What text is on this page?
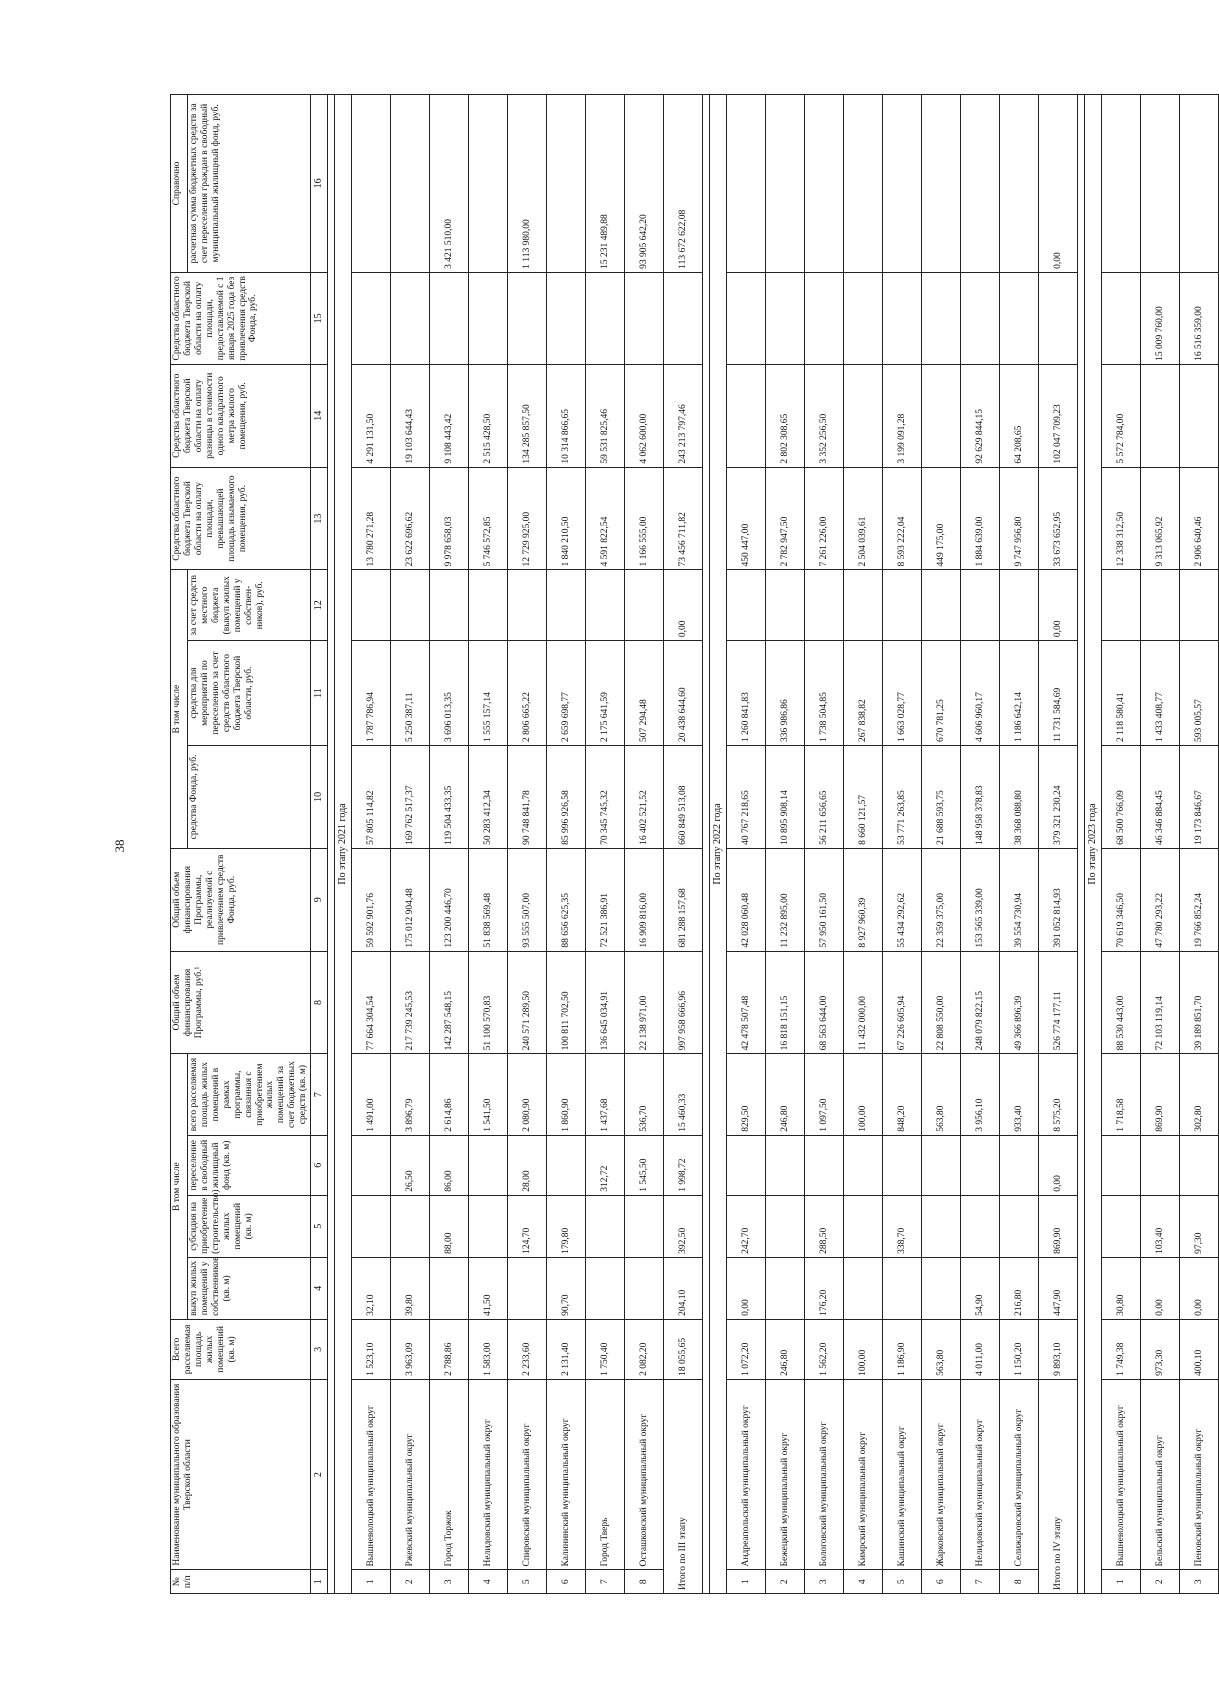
38
№ п/п	Наименование муниципального образования Тверской области	Всего расселяемая площадь жилых помещений (кв. м)	В том числе				Общий объем финансирования Программы, руб.¹	Общий объем финансирования Программы, реализуемой с привлечением средств Фонда, руб.	В том числе			Средства областного бюджета Тверской области на оплату площади, превышающей площадь изымаемого помещения, руб.	Средства областного бюджета Тверской области на оплату разницы в стоимости одного квадратного метра жилого помещения, руб.	Средства областного бюджета Тверской области на оплату площади, предоставляемой с 1 января 2025 года без привлечения средств Фонда, руб.	Справочно
			выкуп жилых помещений у собственников (кв. м)	субсидия на приобретение (строительство) жилых помещений (кв. м)	переселение в свободный жилищный фонд (кв. м)	всего расселяемая площадь жилых помещений в рамках программы, связанная с приобретением жилых помещений за счет бюджетных средств (кв. м)			средства Фонда, руб.	средства для мероприятий по переселению за счет средств областного бюджета Тверской области, руб.	за счет средств местного бюджета (выкуп жилых помещений у собствен-ников), руб.				расчетная сумма бюджетных средств за счет переселения граждан в свободный муниципальный жилищный фонд, руб.
1	2	3	4	5	6	7	8	9	10	11	12	13	14	15	16

По этапу 2021 года															
1	Вышневолоцкий муниципальный округ	1 523,10	32,10			1 491,00	77 664 304,54	59 592 901,76	57 805 114,82	1 787 786,94		13 780 271,28	4 291 131,50		
2	Ржевский муниципальный округ	3 963,09	39,80		26,50	3 896,79	217 739 245,53	175 012 904,48	169 762 517,37	5 250 387,11		23 622 696,62	19 103 644,43		
3	Город Торжок	2 788,86		88,00	86,00	2 614,86	142 287 548,15	123 200 446,70	119 504 433,35	3 696 013,35		9 978 658,03	9 108 443,42		3 421 510,00
4	Нелидовский муниципальный округ	1 583,00	41,50			1 541,50	51 100 570,83	51 838 569,48	50 283 412,34	1 555 157,14		5 746 572,85	2 515 428,50		
5	Спировский муниципальный округ	2 233,60		124,70	28,00	2 080,90	240 571 289,50	93 555 507,00	90 748 841,78	2 806 665,22		12 729 925,00	134 285 857,50		1 113 980,00
6	Калининский муниципальный округ	2 131,40	90,70	179,80		1 860,90	100 811 702,50	88 656 625,35	85 996 926,58	2 659 698,77		1 840 210,50	10 314 866,65		
7	Город Тверь	1 750,40			312,72	1 437,68	136 645 034,91	72 521 386,91	70 345 745,32	2 175 641,59		4 591 822,54	59 531 825,46		15 231 489,88
8	Осташковский муниципальный округ	2 082,20			1 545,50	536,70	22 138 971,00	16 909 816,00	16 402 521,52	507 294,48		1 166 555,00	4 062 600,00		93 905 642,20
Итого по III этапу		18 055,65	204,10	392,50	1 998,72	15 460,33	997 958 666,96	681 288 157,68	660 849 513,08	20 438 644,60	0,00	73 456 711,82	243 213 797,46		113 672 622,08

По этапу 2022 года															
1	Андреапольский муниципальный округ	1 072,20	0,00	242,70		829,50	42 478 507,48	42 028 060,48	40 767 218,65	1 260 841,83		450 447,00			
2	Бежецкий муниципальный округ	246,80				246,80	16 818 151,15	11 232 895,00	10 895 908,14	336 986,86		2 782 947,50	2 802 308,65		
3	Бологовский муниципальный округ	1 562,20	176,20	288,50		1 097,50	68 563 644,00	57 950 161,50	56 211 656,65	1 738 504,85		7 261 226,00	3 352 256,50		
4	Кимрский муниципальный округ	100,00				100,00	11 432 000,00	8 927 960,39	8 660 121,57	267 838,82		2 504 039,61			
5	Кашинский муниципальный округ	1 186,90		338,70		848,20	67 226 605,94	55 434 292,62	53 771 263,85	1 663 028,77		8 593 222,04	3 199 091,28		
6	Жарковский муниципальный округ	563,80				563,80	22 808 550,00	22 359 375,00	21 688 593,75	670 781,25		449 175,00			
7	Нелидовский муниципальный округ	4 011,00	54,90			3 956,10	248 079 822,15	153 565 339,00	148 958 378,83	4 606 960,17		1 884 639,00	92 629 844,15		
8	Селижаровский муниципальный округ	1 150,20	216,80			933,40	49 366 896,39	39 554 730,94	38 368 088,80	1 186 642,14		9 747 956,80	64 208,65		
Итого по IV этапу		9 893,10	447,90	869,90	0,00	8 575,20	526 774 177,11	391 052 814,93	379 321 230,24	11 731 584,69	0,00	33 673 652,95	102 047 709,23		0,00

По этапу 2023 года															
1	Вышневолоцкий муниципальный округ	1 749,38	30,80			1 718,58	88 530 443,00	70 619 346,50	68 500 766,09	2 118 580,41		12 338 312,50	5 572 784,00		
2	Бельский муниципальный округ	973,30	0,00	103,40		869,90	72 103 119,14	47 780 293,22	46 346 884,45	1 433 408,77		9 313 065,92		15 009 760,00	
3	Пеновский муниципальный округ	400,10	0,00	97,30		302,80	39 189 851,70	19 766 852,24	19 173 846,67	593 005,57		2 906 640,46		16 516 359,00	
